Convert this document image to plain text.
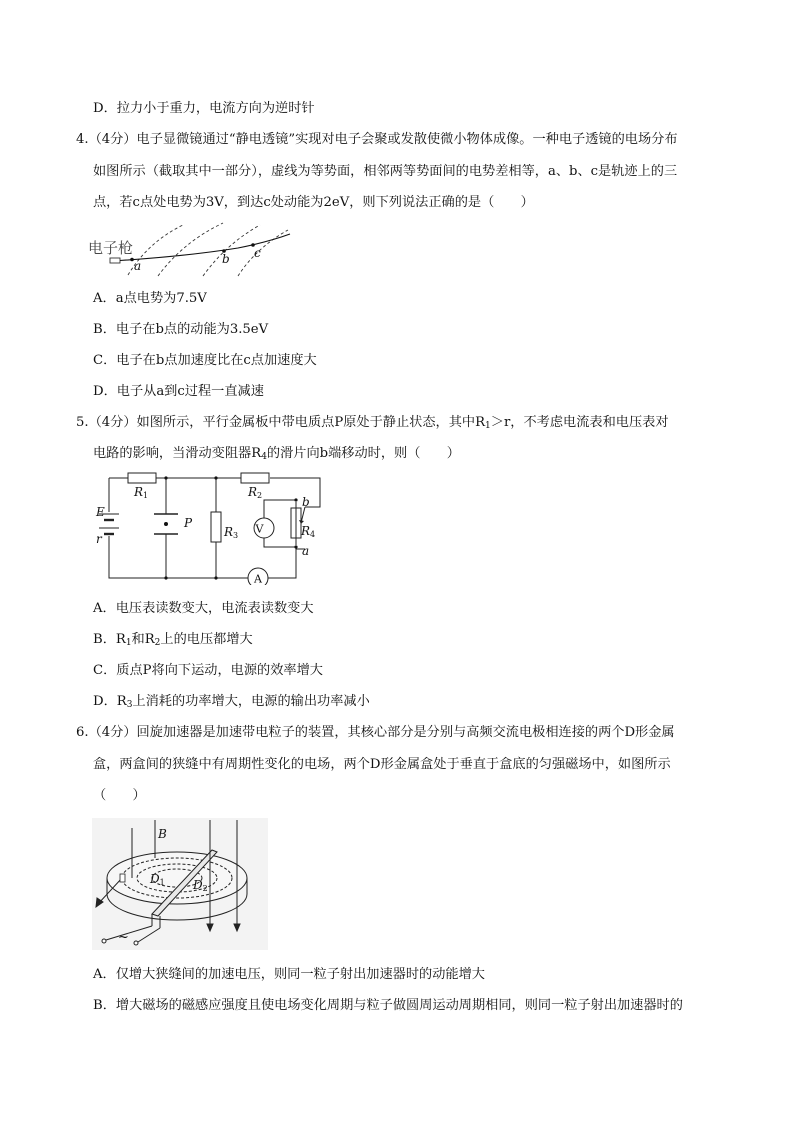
D．拉力小于重力，电流方向为逆时针
4.（4分）电子显微镜通过“静电透镜”实现对电子会聚或发散使微小物体成像。一种电子透镜的电场分布
如图所示（截取其中一部分），虚线为等势面，相邻两等势面间的电势差相等，a、b、c是轨迹上的三
点，若c点处电势为3V，到达c处动能为2eV，则下列说法正确的是（　　）
电子枪
a	b c
A．a点电势为7.5V
B．电子在b点的动能为3.5eV
C．电子在b点加速度比在c点加速度大
D．电子从a到c过程一直减速
5.（4分）如图所示，平行金属板中带电质点P原处于静止状态，其中$R_1>r$，不考虑电流表和电压表对
电路的影响，当滑动变阻器$R_4$的滑片向b端移动时，则（　　）
E
r
R1	R2
R3	R4
P
b
a
V
A
A．电压表读数变大，电流表读数变大
B．$R_1$和$R_2$上的电压都增大
C．质点P将向下运动，电源的效率增大
D．$R_3$上消耗的功率增大，电源的输出功率减小
6.（4分）回旋加速器是加速带电粒子的装置，其核心部分是分别与高频交流电极相连接的两个D形金属
盒，两盒间的狭缝中有周期性变化的电场，两个D形金属盒处于垂直于盒底的匀强磁场中，如图所示
（　　）
B
D1 D2
~
A．仅增大狭缝间的加速电压，则同一粒子射出加速器时的动能增大
B．增大磁场的磁感应强度且使电场变化周期与粒子做圆周运动周期相同，则同一粒子射出加速器时的
